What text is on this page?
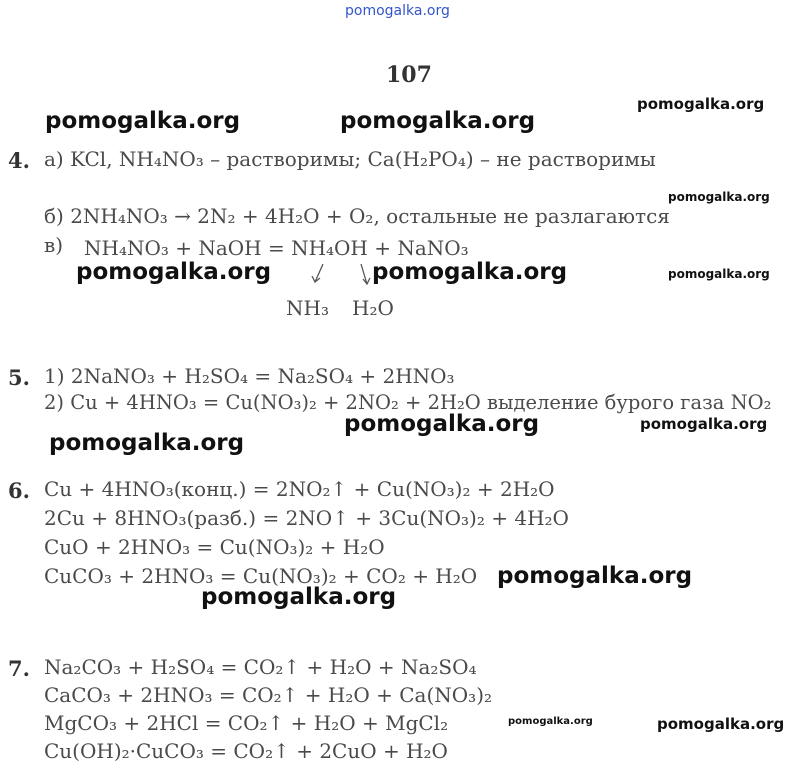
pomogalka.org
107
pomogalka.org	pomogalka.org
pomogalka.org
pomogalka.org
pomogalka.org	pomogalka.org	pomogalka.org
pomogalka.org
pomogalka.org	pomogalka.org
pomogalka.org
pomogalka.org
pomogalka.org	pomogalka.org
4. а) KCl, NH₄NO₃ – растворимы; Ca(H₂PO₄) – не растворимы
б) 2NH₄NO₃ → 2N₂ + 4H₂O + O₂, остальные не разлагаются
в) NH₄NO₃ + NaOH = NH₄OH + NaNO₃
NH₃ H₂O
5. 1) 2NaNO₃ + H₂SO₄ = Na₂SO₄ + 2HNO₃
2) Cu + 4HNO₃ = Cu(NO₃)₂ + 2NO₂ + 2H₂O выделение бурого газа NO₂
6. Cu + 4HNO₃(конц.) = 2NO₂↑ + Cu(NO₃)₂ + 2H₂O
2Cu + 8HNO₃(разб.) = 2NO↑ + 3Cu(NO₃)₂ + 4H₂O
CuO + 2HNO₃ = Cu(NO₃)₂ + H₂O
CuCO₃ + 2HNO₃ = Cu(NO₃)₂ + CO₂ + H₂O
7. Na₂CO₃ + H₂SO₄ = CO₂↑ + H₂O + Na₂SO₄
CaCO₃ + 2HNO₃ = CO₂↑ + H₂O + Ca(NO₃)₂
MgCO₃ + 2HCl = CO₂↑ + H₂O + MgCl₂
Cu(OH)₂·CuCO₃ = CO₂↑ + 2CuO + H₂O
